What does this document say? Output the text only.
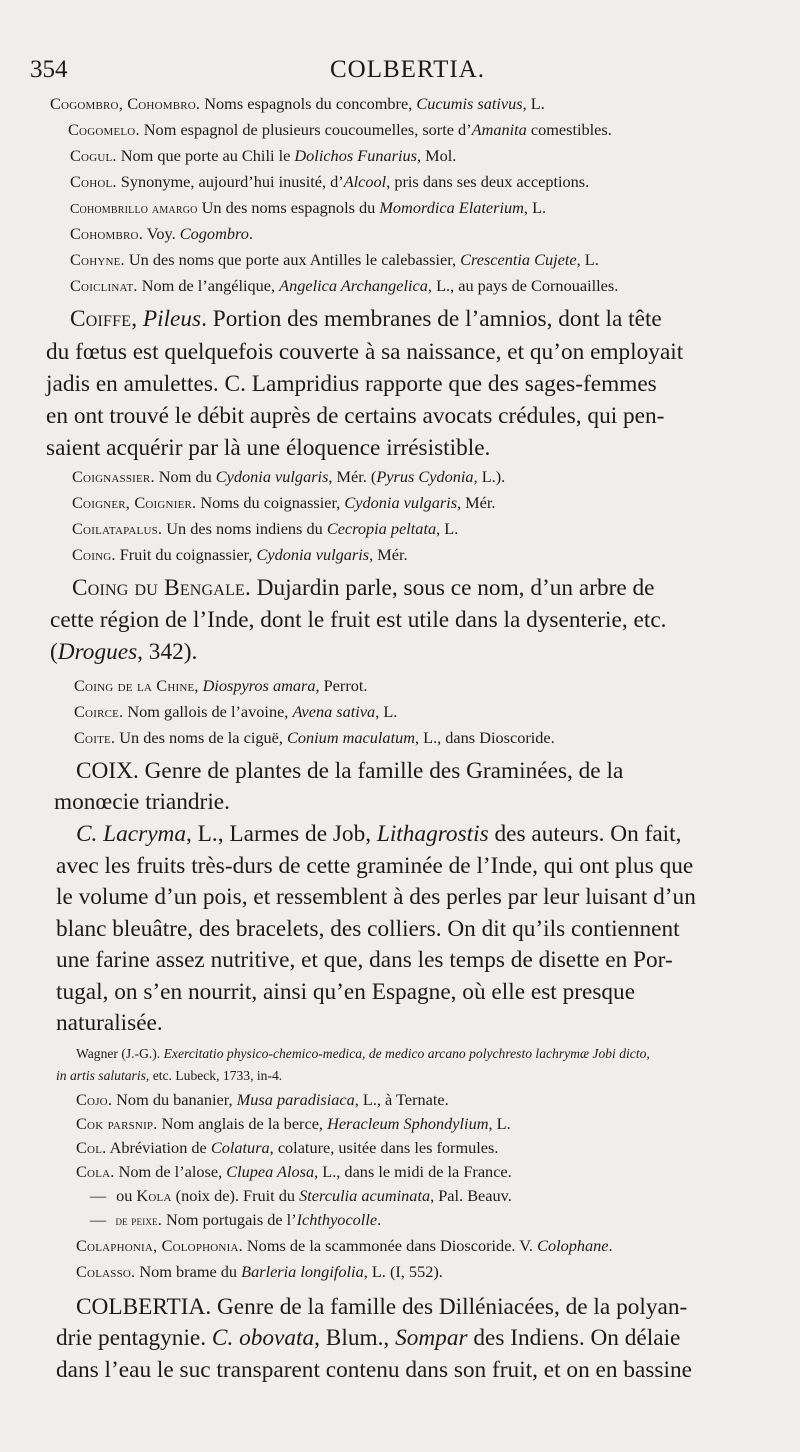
354	COLBERTIA.
Cogombro, Cohombro. Noms espagnols du concombre, Cucumis sativus, L.
Cogomelo. Nom espagnol de plusieurs coucoumelles, sorte d’Amanita comestibles.
Cogul. Nom que porte au Chili le Dolichos Funarius, Mol.
Cohol. Synonyme, aujourd’hui inusité, d’Alcool, pris dans ses deux acceptions.
Cohombrillo amargo Un des noms espagnols du Momordica Elaterium, L.
Cohombro. Voy. Cogombro.
Cohyne. Un des noms que porte aux Antilles le calebassier, Crescentia Cujete, L.
Coiclinat. Nom de l’angélique, Angelica Archangelica, L., au pays de Cornouailles.
Coiffe, Pileus. Portion des membranes de l’amnios, dont la tête
du fœtus est quelquefois couverte à sa naissance, et qu’on employait
jadis en amulettes. C. Lampridius rapporte que des sages-femmes
en ont trouvé le débit auprès de certains avocats crédules, qui pen-
saient acquérir par là une éloquence irrésistible.
Coignassier. Nom du Cydonia vulgaris, Mér. (Pyrus Cydonia, L.).
Coigner, Coignier. Noms du coignassier, Cydonia vulgaris, Mér.
Coilatapalus. Un des noms indiens du Cecropia peltata, L.
Coing. Fruit du coignassier, Cydonia vulgaris, Mér.
Coing du Bengale. Dujardin parle, sous ce nom, d’un arbre de
cette région de l’Inde, dont le fruit est utile dans la dysenterie, etc.
(Drogues, 342).
Coing de la Chine, Diospyros amara, Perrot.
Coirce. Nom gallois de l’avoine, Avena sativa, L.
Coite. Un des noms de la ciguë, Conium maculatum, L., dans Dioscoride.
COIX. Genre de plantes de la famille des Graminées, de la
monœcie triandrie.
C. Lacryma, L., Larmes de Job, Lithagrostis des auteurs. On fait,
avec les fruits très-durs de cette graminée de l’Inde, qui ont plus que
le volume d’un pois, et ressemblent à des perles par leur luisant d’un
blanc bleuâtre, des bracelets, des colliers. On dit qu’ils contiennent
une farine assez nutritive, et que, dans les temps de disette en Por-
tugal, on s’en nourrit, ainsi qu’en Espagne, où elle est presque
naturalisée.
Wagner (J.-G.). Exercitatio physico-chemico-medica, de medico arcano polychresto lachrymæ Jobi dicto,
in artis salutaris, etc. Lubeck, 1733, in-4.
Cojo. Nom du bananier, Musa paradisiaca, L., à Ternate.
Cok parsnip. Nom anglais de la berce, Heracleum Sphondylium, L.
Col. Abréviation de Colatura, colature, usitée dans les formules.
Cola. Nom de l’alose, Clupea Alosa, L., dans le midi de la France.
— ou Kola (noix de). Fruit du Sterculia acuminata, Pal. Beauv.
— de peixe. Nom portugais de l’Ichthyocolle.
Colaphonia, Colophonia. Noms de la scammonée dans Dioscoride. V. Colophane.
Colasso. Nom brame du Barleria longifolia, L. (I, 552).
COLBERTIA. Genre de la famille des Dilléniacées, de la polyan-
drie pentagynie. C. obovata, Blum., Sompar des Indiens. On délaie
dans l’eau le suc transparent contenu dans son fruit, et on en bassine
